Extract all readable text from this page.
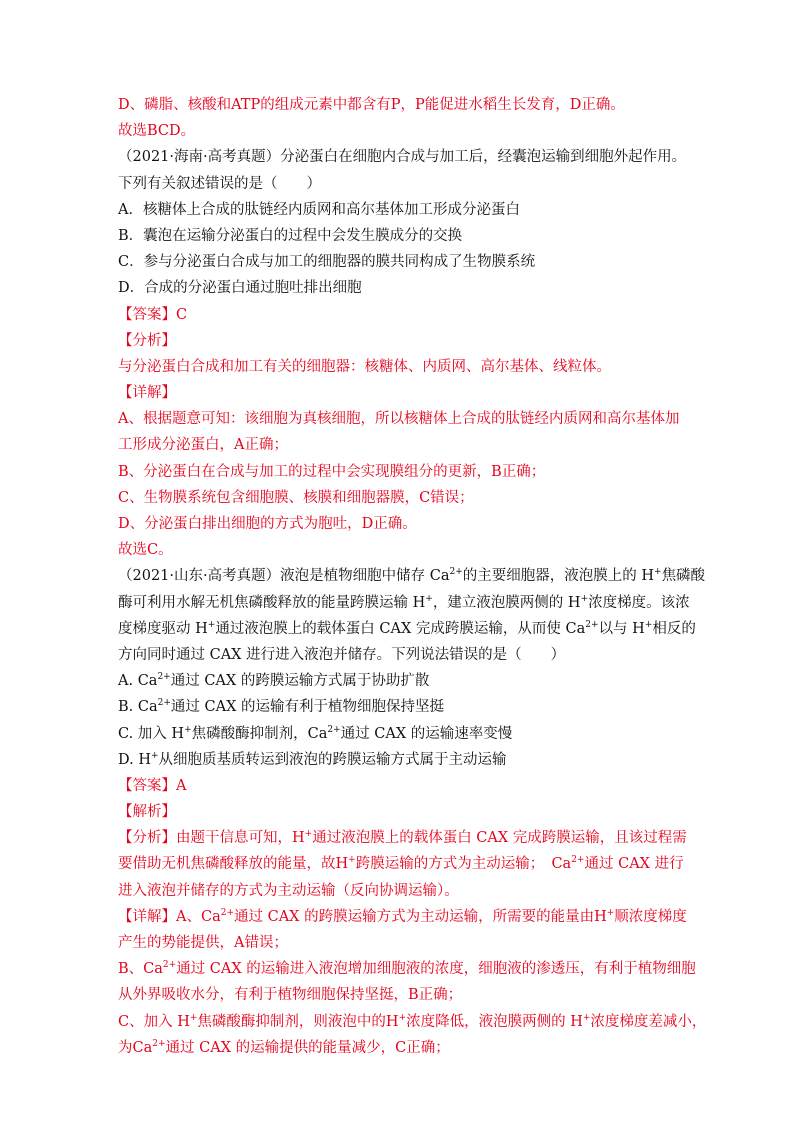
D、磷脂、核酸和ATP的组成元素中都含有P，P能促进水稻生长发育，D正确。
故选BCD。
（2021·海南·高考真题）分泌蛋白在细胞内合成与加工后，经囊泡运输到细胞外起作用。
下列有关叙述错误的是（　　）
A．核糖体上合成的肽链经内质网和高尔基体加工形成分泌蛋白
B．囊泡在运输分泌蛋白的过程中会发生膜成分的交换
C．参与分泌蛋白合成与加工的细胞器的膜共同构成了生物膜系统
D．合成的分泌蛋白通过胞吐排出细胞
【答案】C
【分析】
与分泌蛋白合成和加工有关的细胞器：核糖体、内质网、高尔基体、线粒体。
【详解】
A、根据题意可知：该细胞为真核细胞，所以核糖体上合成的肽链经内质网和高尔基体加
工形成分泌蛋白，A正确；
B、分泌蛋白在合成与加工的过程中会实现膜组分的更新，B正确；
C、生物膜系统包含细胞膜、核膜和细胞器膜，C错误；
D、分泌蛋白排出细胞的方式为胞吐，D正确。
故选C。
（2021·山东·高考真题）液泡是植物细胞中储存 $Ca^{2+}$的主要细胞器，液泡膜上的 H+焦磷酸
酶可利用水解无机焦磷酸释放的能量跨膜运输 H+，建立液泡膜两侧的 H+浓度梯度。该浓
度梯度驱动 H+通过液泡膜上的载体蛋白 CAX 完成跨膜运输，从而使 $Ca^{2+}$以与 H+相反的
方向同时通过 CAX 进行进入液泡并储存。下列说法错误的是（　　）
A. $Ca^{2+}$通过 CAX 的跨膜运输方式属于协助扩散
B. $Ca^{2+}$通过 CAX 的运输有利于植物细胞保持坚挺
C. 加入 H+焦磷酸酶抑制剂，$Ca^{2+}$通过 CAX 的运输速率变慢
D. H+从细胞质基质转运到液泡的跨膜运输方式属于主动运输
【答案】A
【解析】
【分析】由题干信息可知，H+通过液泡膜上的载体蛋白 CAX 完成跨膜运输，且该过程需
要借助无机焦磷酸释放的能量，故H+跨膜运输的方式为主动运输；　$Ca^{2+}$通过 CAX 进行
进入液泡并储存的方式为主动运输（反向协调运输）。
【详解】A、$Ca^{2+}$通过 CAX 的跨膜运输方式为主动运输，所需要的能量由H+顺浓度梯度
产生的势能提供，A错误；
B、$Ca^{2+}$通过 CAX 的运输进入液泡增加细胞液的浓度，细胞液的渗透压，有利于植物细胞
从外界吸收水分，有利于植物细胞保持坚挺，B正确；
C、加入 H+焦磷酸酶抑制剂，则液泡中的H+浓度降低，液泡膜两侧的 H+浓度梯度差减小，
为$Ca^{2+}$通过 CAX 的运输提供的能量减少，C正确；
